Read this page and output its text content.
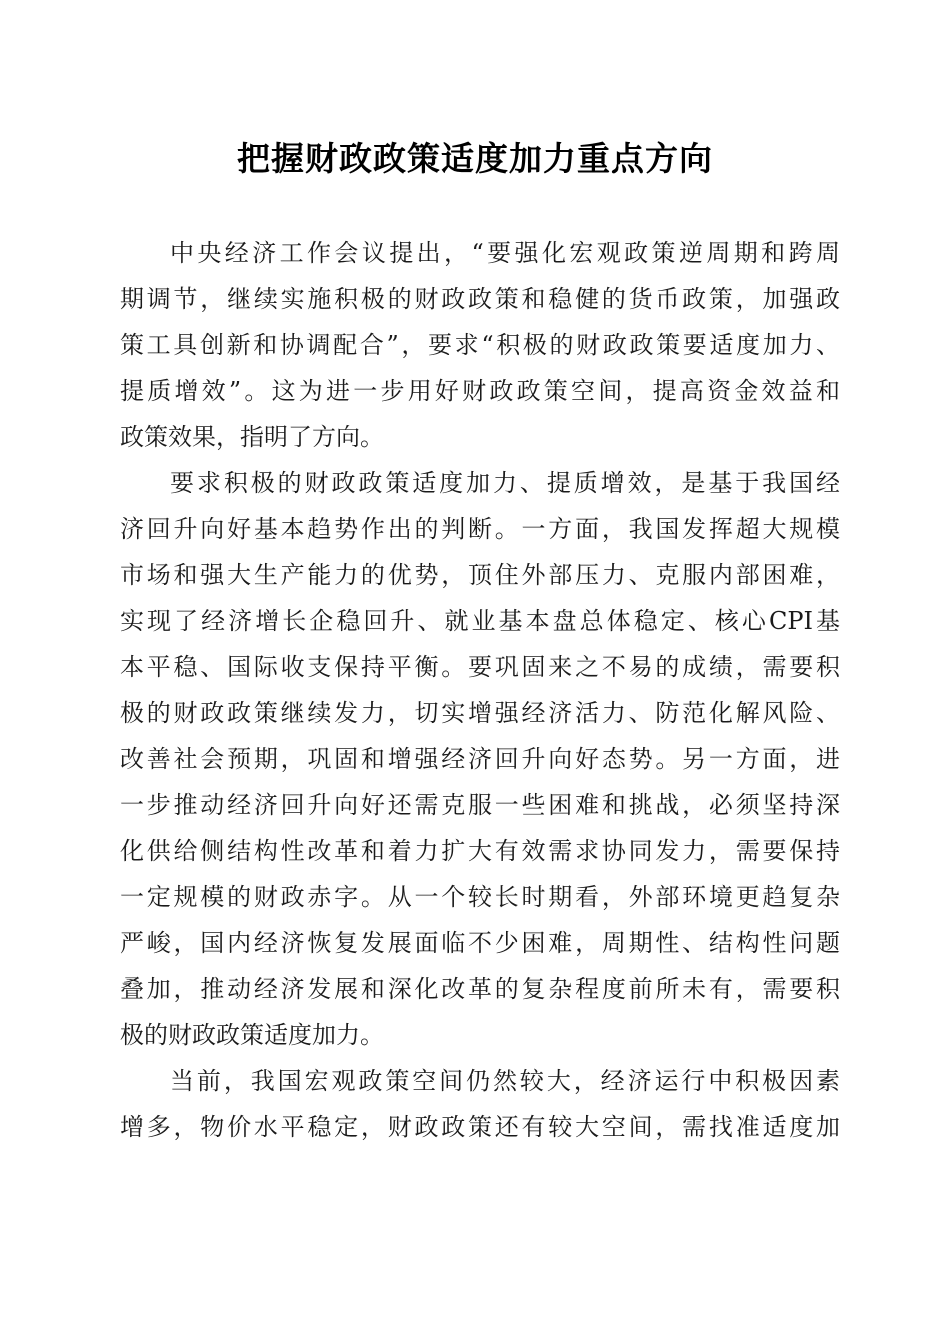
把握财政政策适度加力重点方向
中央经济工作会议提出，“要强化宏观政策逆周期和跨周
期调节，继续实施积极的财政政策和稳健的货币政策，加强政
策工具创新和协调配合”，要求“积极的财政政策要适度加力、
提质增效”。这为进一步用好财政政策空间，提高资金效益和
政策效果，指明了方向。
要求积极的财政政策适度加力、提质增效，是基于我国经
济回升向好基本趋势作出的判断。一方面，我国发挥超大规模
市场和强大生产能力的优势，顶住外部压力、克服内部困难，
实现了经济增长企稳回升、就业基本盘总体稳定、核心CPI基
本平稳、国际收支保持平衡。要巩固来之不易的成绩，需要积
极的财政政策继续发力，切实增强经济活力、防范化解风险、
改善社会预期，巩固和增强经济回升向好态势。另一方面，进
一步推动经济回升向好还需克服一些困难和挑战，必须坚持深
化供给侧结构性改革和着力扩大有效需求协同发力，需要保持
一定规模的财政赤字。从一个较长时期看，外部环境更趋复杂
严峻，国内经济恢复发展面临不少困难，周期性、结构性问题
叠加，推动经济发展和深化改革的复杂程度前所未有，需要积
极的财政政策适度加力。
当前，我国宏观政策空间仍然较大，经济运行中积极因素
增多，物价水平稳定，财政政策还有较大空间，需找准适度加
